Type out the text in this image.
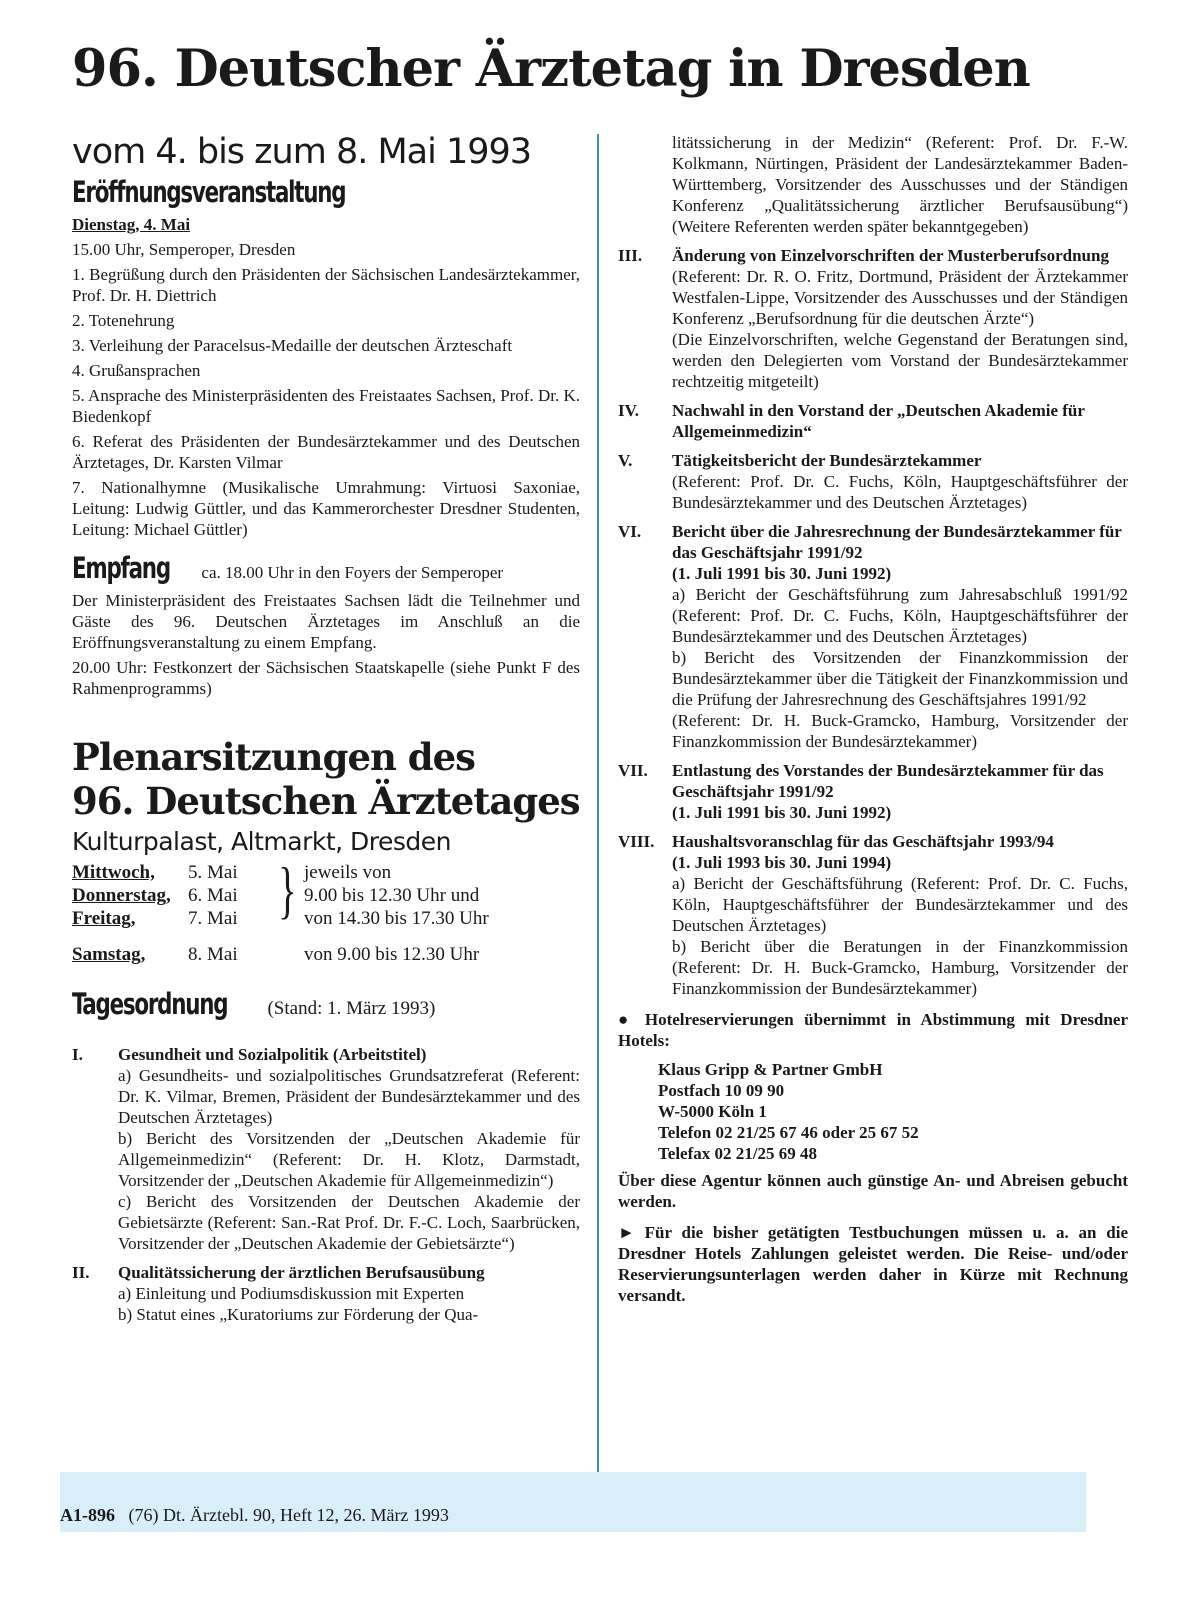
96. Deutscher Ärztetag in Dresden
vom 4. bis zum 8. Mai 1993
Eröffnungsveranstaltung
Dienstag, 4. Mai

15.00 Uhr, Semperoper, Dresden

1. Begrüßung durch den Präsidenten der Sächsischen Landesärztekammer, Prof. Dr. H. Diettrich

2. Totenehrung

3. Verleihung der Paracelsus-Medaille der deutschen Ärzteschaft

4. Grußansprachen

5. Ansprache des Ministerpräsidenten des Freistaates Sachsen, Prof. Dr. K. Biedenkopf

6. Referat des Präsidenten der Bundesärztekammer und des Deutschen Ärztetages, Dr. Karsten Vilmar

7. Nationalhymne (Musikalische Umrahmung: Virtuosi Saxoniae, Leitung: Ludwig Güttler, und das Kammerorchester Dresdner Studenten, Leitung: Michael Güttler)

Empfang ca. 18.00 Uhr in den Foyers der Semperoper

Der Ministerpräsident des Freistaates Sachsen lädt die Teilnehmer und Gäste des 96. Deutschen Ärztetages im Anschluß an die Eröffnungsveranstaltung zu einem Empfang.

20.00 Uhr: Festkonzert der Sächsischen Staatskapelle (siehe Punkt F des Rahmenprogramms)

Plenarsitzungen des
96. Deutschen Ärztetages
Kulturpalast, Altmarkt, Dresden
Mittwoch, 5. Mai
Donnerstag, 6. Mai
Freitag,	7. Mai } jeweils von
9.00 bis 12.30 Uhr und
von 14.30 bis 17.30 Uhr
Samstag, 8. Mai	von 9.00 bis 12.30 Uhr
Tagesordnung (Stand: 1. März 1993)
I.	Gesundheit und Sozialpolitik (Arbeitstitel)

a) Gesundheits- und sozialpolitisches Grundsatzreferat (Referent: Dr. K. Vilmar, Bremen, Präsident der Bundesärztekammer und des Deutschen Ärztetages)

b) Bericht des Vorsitzenden der „Deutschen Akademie für Allgemeinmedizin“ (Referent: Dr. H. Klotz, Darmstadt, Vorsitzender der „Deutschen Akademie für Allgemeinmedizin“)

c) Bericht des Vorsitzenden der Deutschen Akademie der Gebietsärzte (Referent: San.-Rat Prof. Dr. F.-C. Loch, Saarbrücken, Vorsitzender der „Deutschen Akademie der Gebietsärzte“)

II.	Qualitätssicherung der ärztlichen Berufsausübung

a) Einleitung und Podiumsdiskussion mit Experten

b) Statut eines „Kuratoriums zur Förderung der Qua-

litätssicherung in der Medizin“ (Referent: Prof. Dr. F.-W. Kolkmann, Nürtingen, Präsident der Landesärztekammer Baden-Württemberg, Vorsitzender des Ausschusses und der Ständigen Konferenz „Qualitätssicherung ärztlicher Berufsausübung“) (Weitere Referenten werden später bekanntgegeben)

III.	Änderung von Einzelvorschriften der Musterberufsordnung

(Referent: Dr. R. O. Fritz, Dortmund, Präsident der Ärztekammer Westfalen-Lippe, Vorsitzender des Ausschusses und der Ständigen Konferenz „Berufsordnung für die deutschen Ärzte“)

(Die Einzelvorschriften, welche Gegenstand der Beratungen sind, werden den Delegierten vom Vorstand der Bundesärztekammer rechtzeitig mitgeteilt)

IV.	Nachwahl in den Vorstand der „Deutschen Akademie für Allgemeinmedizin“
V.	Tätigkeitsbericht der Bundesärztekammer

(Referent: Prof. Dr. C. Fuchs, Köln, Hauptgeschäftsführer der Bundesärztekammer und des Deutschen Ärztetages)

VI.	Bericht über die Jahresrechnung der Bundesärztekammer für das Geschäftsjahr 1991/92
(1. Juli 1991 bis 30. Juni 1992)

a) Bericht der Geschäftsführung zum Jahresabschluß 1991/92 (Referent: Prof. Dr. C. Fuchs, Köln, Hauptgeschäftsführer der Bundesärztekammer und des Deutschen Ärztetages)

b) Bericht des Vorsitzenden der Finanzkommission der Bundesärztekammer über die Tätigkeit der Finanzkommission und die Prüfung der Jahresrechnung des Geschäftsjahres 1991/92

(Referent: Dr. H. Buck-Gramcko, Hamburg, Vorsitzender der Finanzkommission der Bundesärztekammer)

VII.	Entlastung des Vorstandes der Bundesärztekammer für das Geschäftsjahr 1991/92
(1. Juli 1991 bis 30. Juni 1992)
VIII.	Haushaltsvoranschlag für das Geschäftsjahr 1993/94
(1. Juli 1993 bis 30. Juni 1994)

a) Bericht der Geschäftsführung (Referent: Prof. Dr. C. Fuchs, Köln, Hauptgeschäftsführer der Bundesärztekammer und des Deutschen Ärztetages)

b) Bericht über die Beratungen in der Finanzkommission (Referent: Dr. H. Buck-Gramcko, Hamburg, Vorsitzender der Finanzkommission der Bundesärztekammer)

● Hotelreservierungen übernimmt in Abstimmung mit Dresdner Hotels:

Klaus Gripp & Partner GmbH
Postfach 10 09 90
W-5000 Köln 1
Telefon 02 21/25 67 46 oder 25 67 52
Telefax 02 21/25 69 48

Über diese Agentur können auch günstige An- und Abreisen gebucht werden.

► Für die bisher getätigten Testbuchungen müssen u. a. an die Dresdner Hotels Zahlungen geleistet werden. Die Reise- und/oder Reservierungsunterlagen werden daher in Kürze mit Rechnung versandt.

A1-896 (76) Dt. Ärztebl. 90, Heft 12, 26. März 1993
